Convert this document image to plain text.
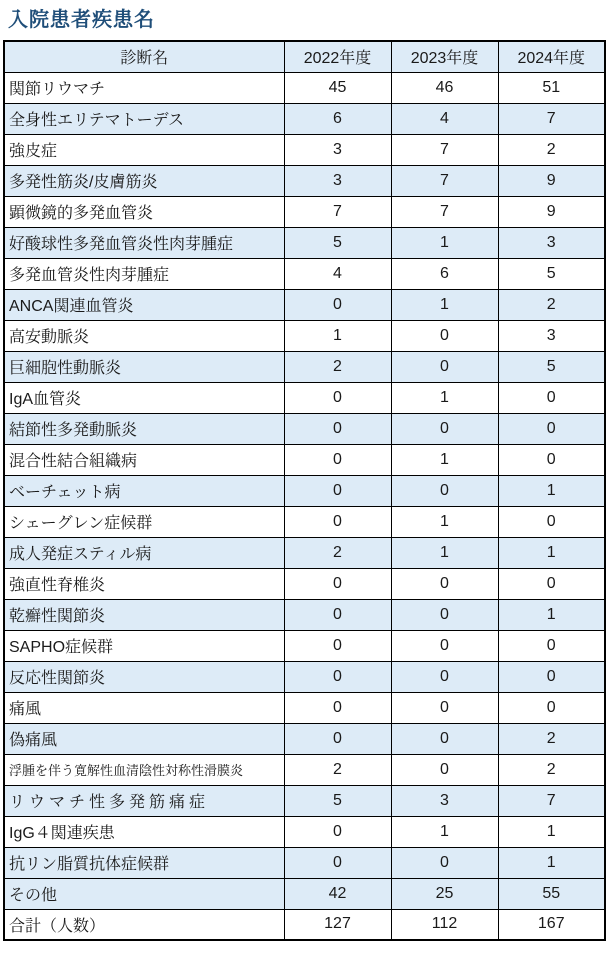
入院患者疾患名
診断名	2022年度	2023年度	2024年度
関節リウマチ	45	46	51
全身性エリテマトーデス	6	4	7
強皮症	3	7	2
多発性筋炎/皮膚筋炎	3	7	9
顕微鏡的多発血管炎	7	7	9
好酸球性多発血管炎性肉芽腫症	5	1	3
多発血管炎性肉芽腫症	4	6	5
ANCA関連血管炎	0	1	2
高安動脈炎	1	0	3
巨細胞性動脈炎	2	0	5
IgA血管炎	0	1	0
結節性多発動脈炎	0	0	0
混合性結合組織病	0	1	0
ベーチェット病	0	0	1
シェーグレン症候群	0	1	0
成人発症スティル病	2	1	1
強直性脊椎炎	0	0	0
乾癬性関節炎	0	0	1
SAPHO症候群	0	0	0
反応性関節炎	0	0	0
痛風	0	0	0
偽痛風	0	0	2
浮腫を伴う寛解性血清陰性対称性滑膜炎	2	0	2
リウマチ性多発筋痛症	5	3	7
IgG４関連疾患	0	1	1
抗リン脂質抗体症候群	0	0	1
その他	42	25	55
合計（人数）	127	112	167
